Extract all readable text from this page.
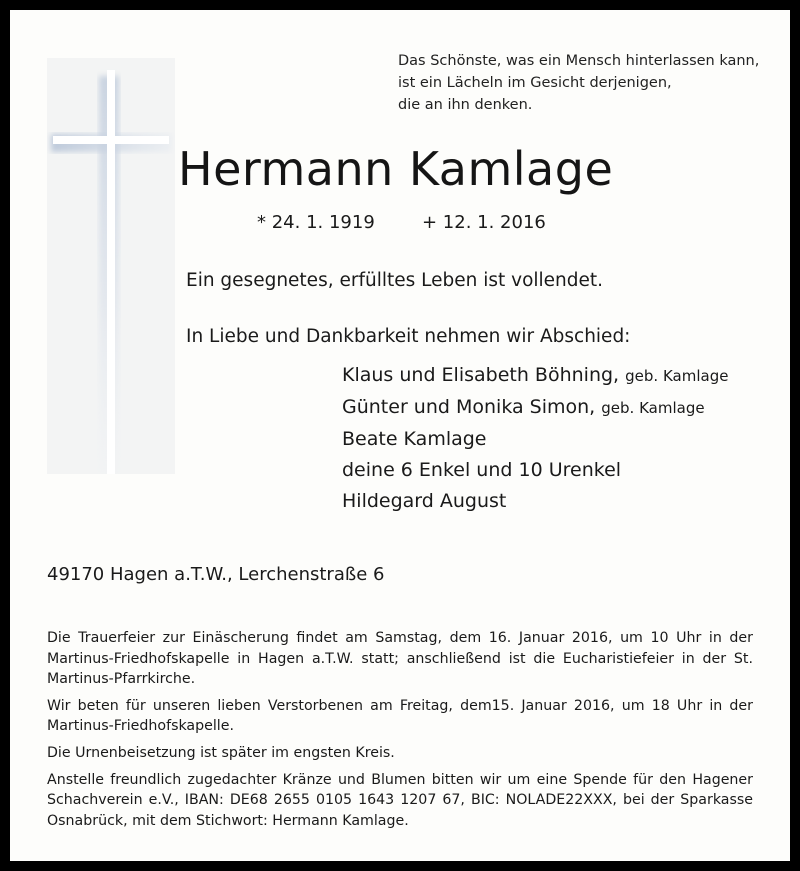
Das Schönste, was ein Mensch hinterlassen kann,
ist ein Lächeln im Gesicht derjenigen,
die an ihn denken.
Hermann Kamlage
* 24. 1. 1919	+ 12. 1. 2016
Ein gesegnetes, erfülltes Leben ist vollendet.
In Liebe und Dankbarkeit nehmen wir Abschied:
Klaus und Elisabeth Böhning, geb. Kamlage
Günter und Monika Simon, geb. Kamlage
Beate Kamlage
deine 6 Enkel und 10 Urenkel
Hildegard August
49170 Hagen a.T.W., Lerchenstraße 6

Die Trauerfeier zur Einäscherung findet am Samstag, dem 16. Januar 2016, um 10 Uhr in der Martinus-Friedhofskapelle in Hagen a.T.W. statt; anschließend ist die Eucharistiefeier in der St. Martinus-Pfarrkirche.

Wir beten für unseren lieben Verstorbenen am Freitag, dem15. Januar 2016, um 18 Uhr in der Martinus-Friedhofskapelle.

Die Urnenbeisetzung ist später im engsten Kreis.

Anstelle freundlich zugedachter Kränze und Blumen bitten wir um eine Spende für den Hagener Schachverein e.V., IBAN: DE68 2655 0105 1643 1207 67, BIC: NOLADE22XXX, bei der Sparkasse Osnabrück, mit dem Stichwort: Hermann Kamlage.
